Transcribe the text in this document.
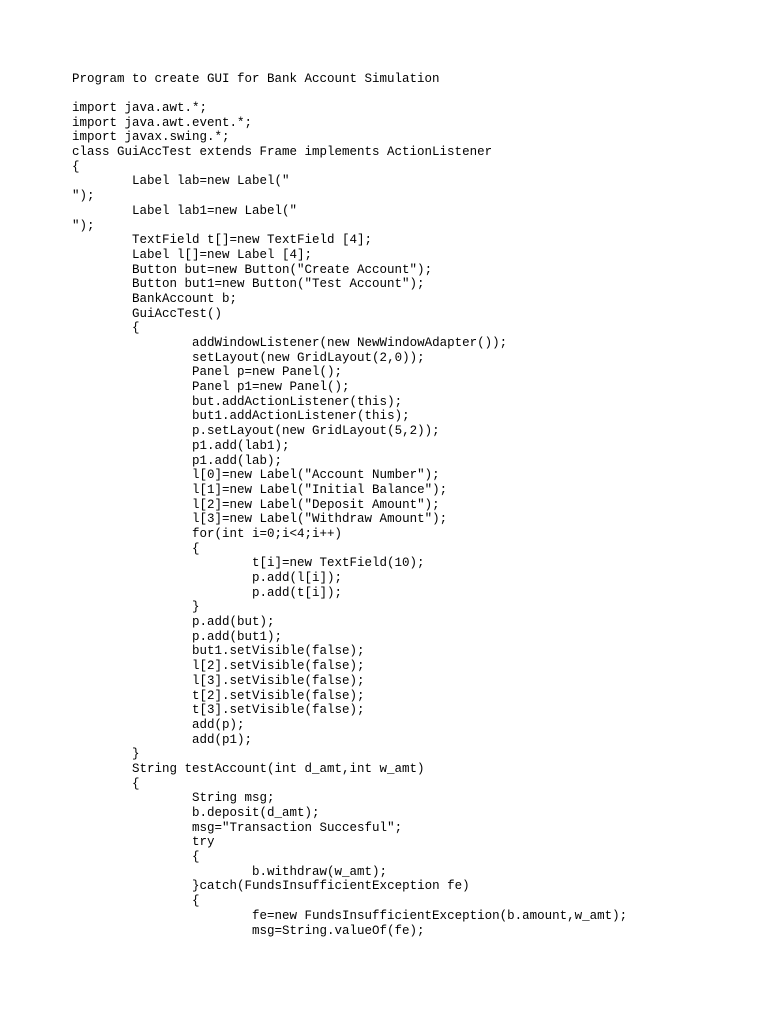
Program to create GUI for Bank Account Simulation
import java.awt.*;
import java.awt.event.*;
import javax.swing.*;
class GuiAccTest extends Frame implements ActionListener
{
	Label lab=new Label("
");
	Label lab1=new Label("
");
	TextField t[]=new TextField [4];
	Label l[]=new Label [4];
	Button but=new Button("Create Account");
	Button but1=new Button("Test Account");
	BankAccount b;
	GuiAccTest()
	{
		addWindowListener(new NewWindowAdapter());
		setLayout(new GridLayout(2,0));
		Panel p=new Panel();
		Panel p1=new Panel();
		but.addActionListener(this);
		but1.addActionListener(this);
		p.setLayout(new GridLayout(5,2));
		p1.add(lab1);
		p1.add(lab);
		l[0]=new Label("Account Number");
		l[1]=new Label("Initial Balance");
		l[2]=new Label("Deposit Amount");
		l[3]=new Label("Withdraw Amount");
		for(int i=0;i<4;i++)
		{
			t[i]=new TextField(10);
			p.add(l[i]);
			p.add(t[i]);
		}
		p.add(but);
		p.add(but1);
		but1.setVisible(false);
		l[2].setVisible(false);
		l[3].setVisible(false);
		t[2].setVisible(false);
		t[3].setVisible(false);
		add(p);
		add(p1);
	}
	String testAccount(int d_amt,int w_amt)
	{
		String msg;
		b.deposit(d_amt);
		msg="Transaction Succesful";
		try
		{
			b.withdraw(w_amt);
		}catch(FundsInsufficientException fe)
		{
			fe=new FundsInsufficientException(b.amount,w_amt);
			msg=String.valueOf(fe);
